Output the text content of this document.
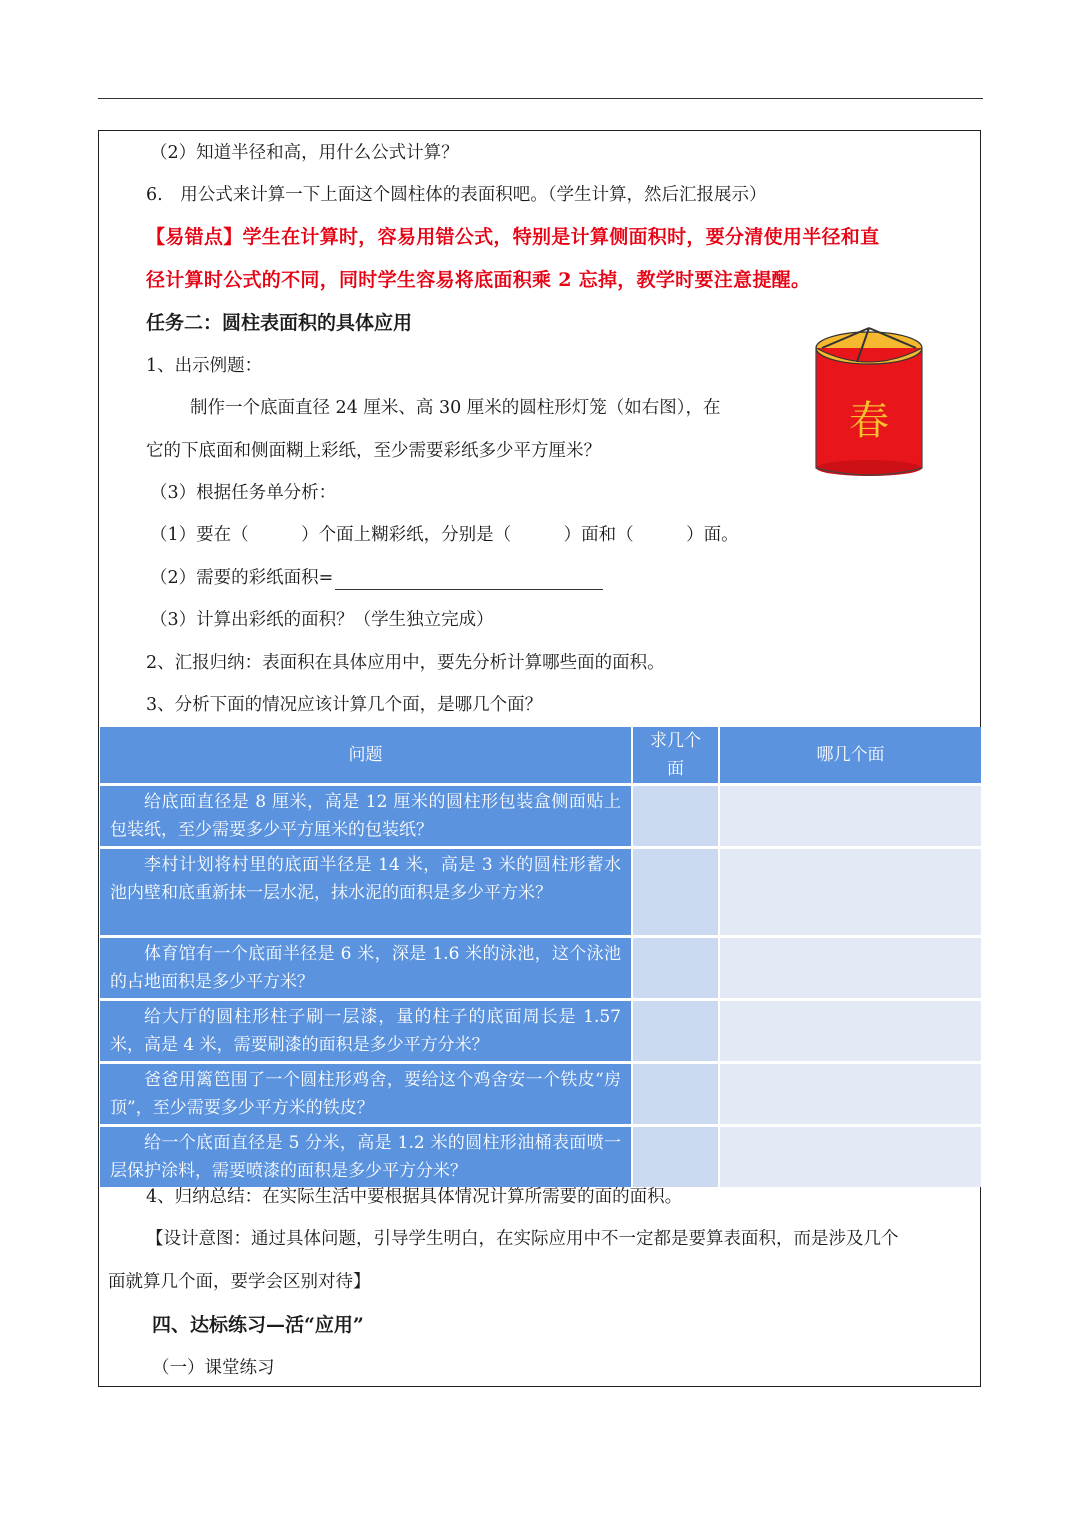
（2）知道半径和高，用什么公式计算？
6.　用公式来计算一下上面这个圆柱体的表面积吧。（学生计算，然后汇报展示）
【易错点】学生在计算时，容易用错公式，特别是计算侧面积时，要分清使用半径和直
径计算时公式的不同，同时学生容易将底面积乘 2 忘掉，教学时要注意提醒。
任务二：圆柱表面积的具体应用
1、出示例题：
制作一个底面直径 24 厘米、高 30 厘米的圆柱形灯笼（如右图），在
它的下底面和侧面糊上彩纸，至少需要彩纸多少平方厘米？
（3）根据任务单分析：
（1）要在（　　　）个面上糊彩纸，分别是（　　　）面和（　　　）面。
（2）需要的彩纸面积=
（3）计算出彩纸的面积？（学生独立完成）
2、汇报归纳：表面积在具体应用中，要先分析计算哪些面的面积。
3、分析下面的情况应该计算几个面，是哪几个面？
春
问题	求几个面	哪几个面

给底面直径是 8 厘米，高是 12 厘米的圆柱形包装盒侧面贴上包装纸，至少需要多少平方厘米的包装纸？		

李村计划将村里的底面半径是 14 米，高是 3 米的圆柱形蓄水池内壁和底重新抹一层水泥，抹水泥的面积是多少平方米？		

体育馆有一个底面半径是 6 米，深是 1.6 米的泳池，这个泳池的占地面积是多少平方米？		

给大厅的圆柱形柱子刷一层漆，量的柱子的底面周长是 1.57 米，高是 4 米，需要刷漆的面积是多少平方分米？		

爸爸用篱笆围了一个圆柱形鸡舍，要给这个鸡舍安一个铁皮“房顶”，至少需要多少平方米的铁皮？		

给一个底面直径是 5 分米，高是 1.2 米的圆柱形油桶表面喷一层保护涂料，需要喷漆的面积是多少平方分米？		

4、归纳总结：在实际生活中要根据具体情况计算所需要的面的面积。
【设计意图：通过具体问题，引导学生明白，在实际应用中不一定都是要算表面积，而是涉及几个
面就算几个面，要学会区别对待】
四、达标练习—活“应用”
（一）课堂练习
